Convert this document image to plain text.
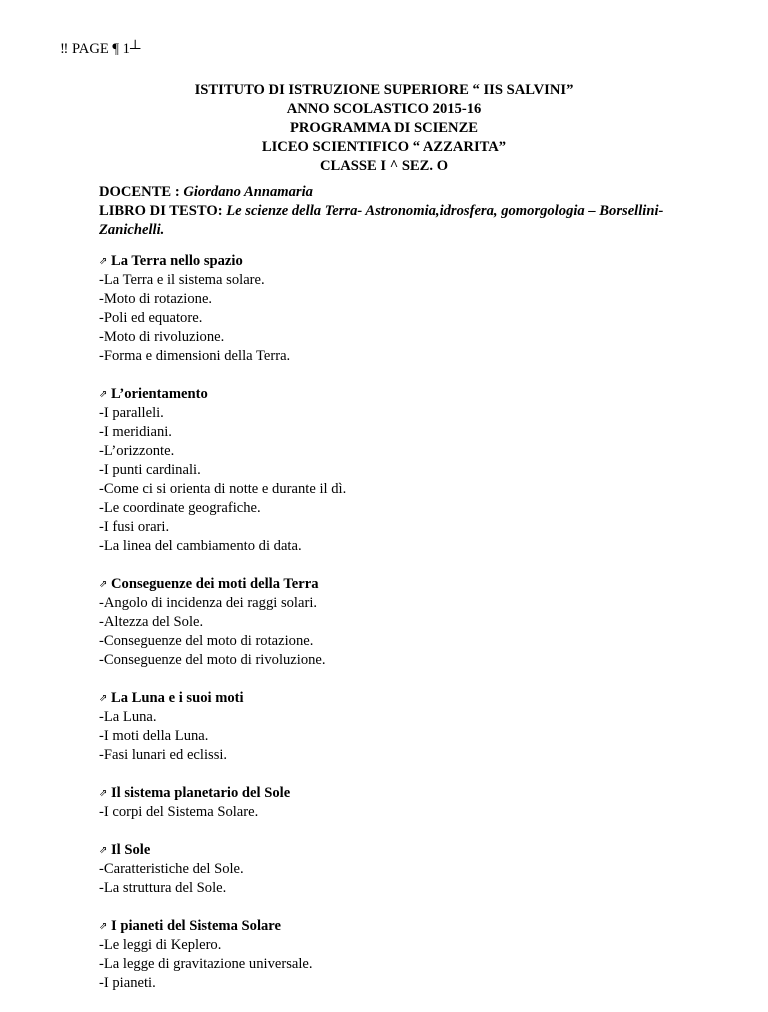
‼ PAGE ¶ 1┴
ISTITUTO DI ISTRUZIONE SUPERIORE “ IIS SALVINI”
ANNO SCOLASTICO 2015-16
PROGRAMMA DI SCIENZE
LICEO SCIENTIFICO “ AZZARITA”
CLASSE I ^ SEZ. O
DOCENTE : Giordano Annamaria
LIBRO DI TESTO: Le scienze della Terra- Astronomia,idrosfera, gomorgologia – Borsellini-
Zanichelli.
⇗ La Terra nello spazio
-La Terra e il sistema solare.
-Moto di rotazione.
-Poli ed equatore.
-Moto di rivoluzione.
-Forma e dimensioni della Terra.
⇗ L’orientamento
-I paralleli.
-I meridiani.
-L’orizzonte.
-I punti cardinali.
-Come ci si orienta di notte e durante il dì.
-Le coordinate geografiche.
-I fusi orari.
-La linea del cambiamento di data.
⇗ Conseguenze dei moti della Terra
-Angolo di incidenza dei raggi solari.
-Altezza del Sole.
-Conseguenze del moto di rotazione.
-Conseguenze del moto di rivoluzione.
⇗ La Luna e i suoi moti
-La Luna.
-I moti della Luna.
-Fasi lunari ed eclissi.
⇗ Il sistema planetario del Sole
-I corpi del Sistema Solare.
⇗ Il Sole
-Caratteristiche del Sole.
-La struttura del Sole.
⇗ I pianeti del Sistema Solare
-Le leggi di Keplero.
-La legge di gravitazione universale.
-I pianeti.
